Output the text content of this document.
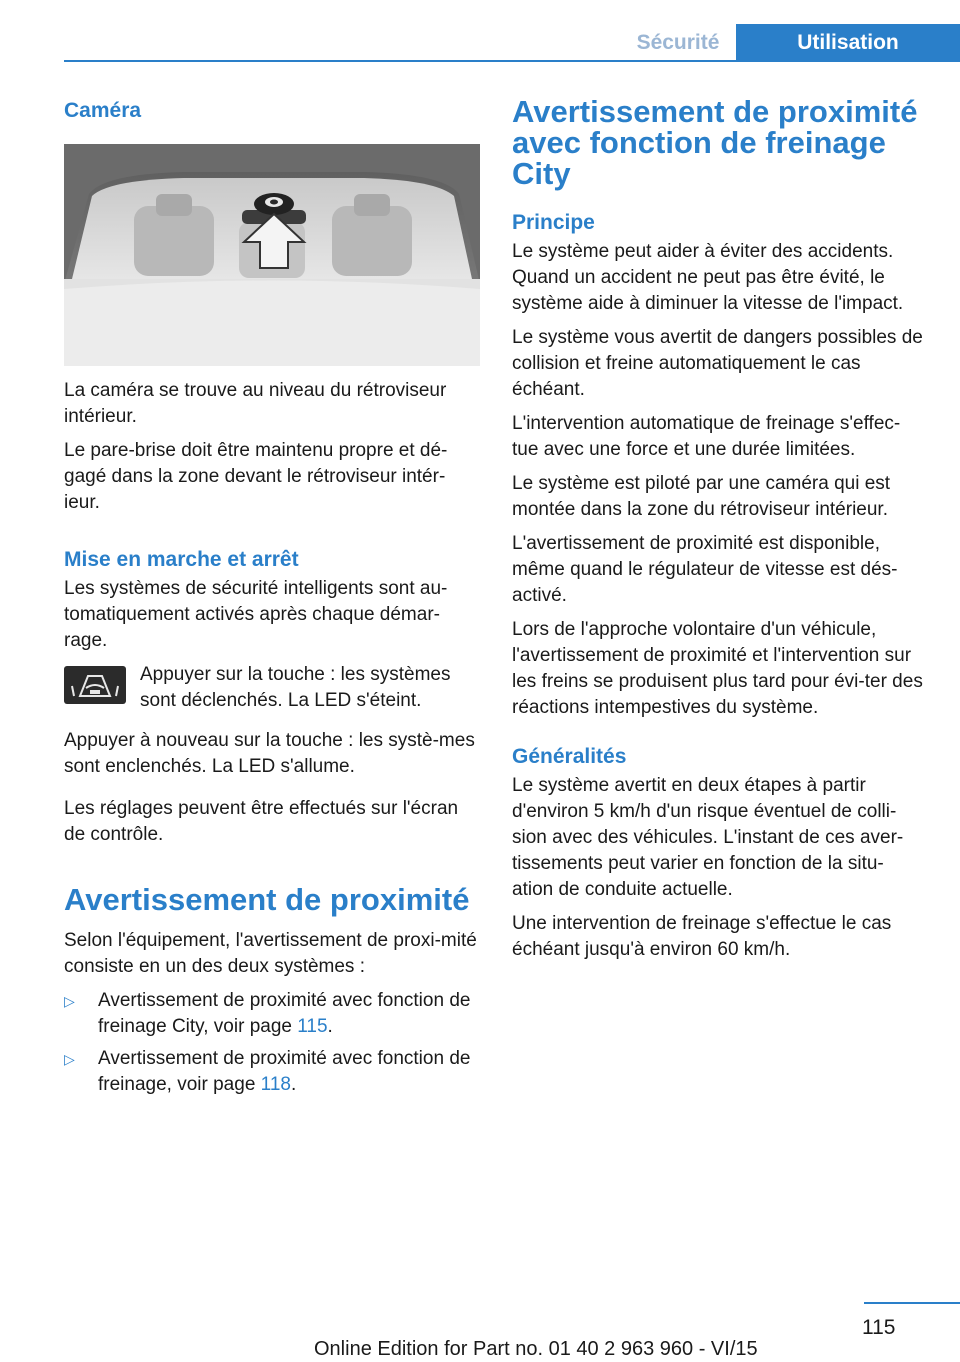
Sécurité	Utilisation
Caméra

La caméra se trouve au niveau du rétroviseur intérieur.

Le pare-brise doit être maintenu propre et dé-gagé dans la zone devant le rétroviseur intér-ieur.

Mise en marche et arrêt

Les systèmes de sécurité intelligents sont au-tomatiquement activés après chaque démar-rage.

Appuyer sur la touche : les systèmes sont déclenchés. La LED s'éteint.

Appuyer à nouveau sur la touche : les systè-mes sont enclenchés. La LED s'allume.

Les réglages peuvent être effectués sur l'écran de contrôle.

Avertissement de proximité

Selon l'équipement, l'avertissement de proxi-mité consiste en un des deux systèmes :

▷	Avertissement de proximité avec fonction de freinage City, voir page 115.
▷	Avertissement de proximité avec fonction de freinage, voir page 118.
Avertissement de proximité avec fonction de freinage City
Principe

Le système peut aider à éviter des accidents. Quand un accident ne peut pas être évité, le système aide à diminuer la vitesse de l'impact.

Le système vous avertit de dangers possibles de collision et freine automatiquement le cas échéant.

L'intervention automatique de freinage s'effec-tue avec une force et une durée limitées.

Le système est piloté par une caméra qui est montée dans la zone du rétroviseur intérieur.

L'avertissement de proximité est disponible, même quand le régulateur de vitesse est dés-activé.

Lors de l'approche volontaire d'un véhicule, l'avertissement de proximité et l'intervention sur les freins se produisent plus tard pour évi-ter des réactions intempestives du système.

Généralités

Le système avertit en deux étapes à partir d'environ 5 km/h d'un risque éventuel de colli-sion avec des véhicules. L'instant de ces aver-tissements peut varier en fonction de la situ-ation de conduite actuelle.

Une intervention de freinage s'effectue le cas échéant jusqu'à environ 60 km/h.

115
Online Edition for Part no. 01 40 2 963 960 - VI/15
